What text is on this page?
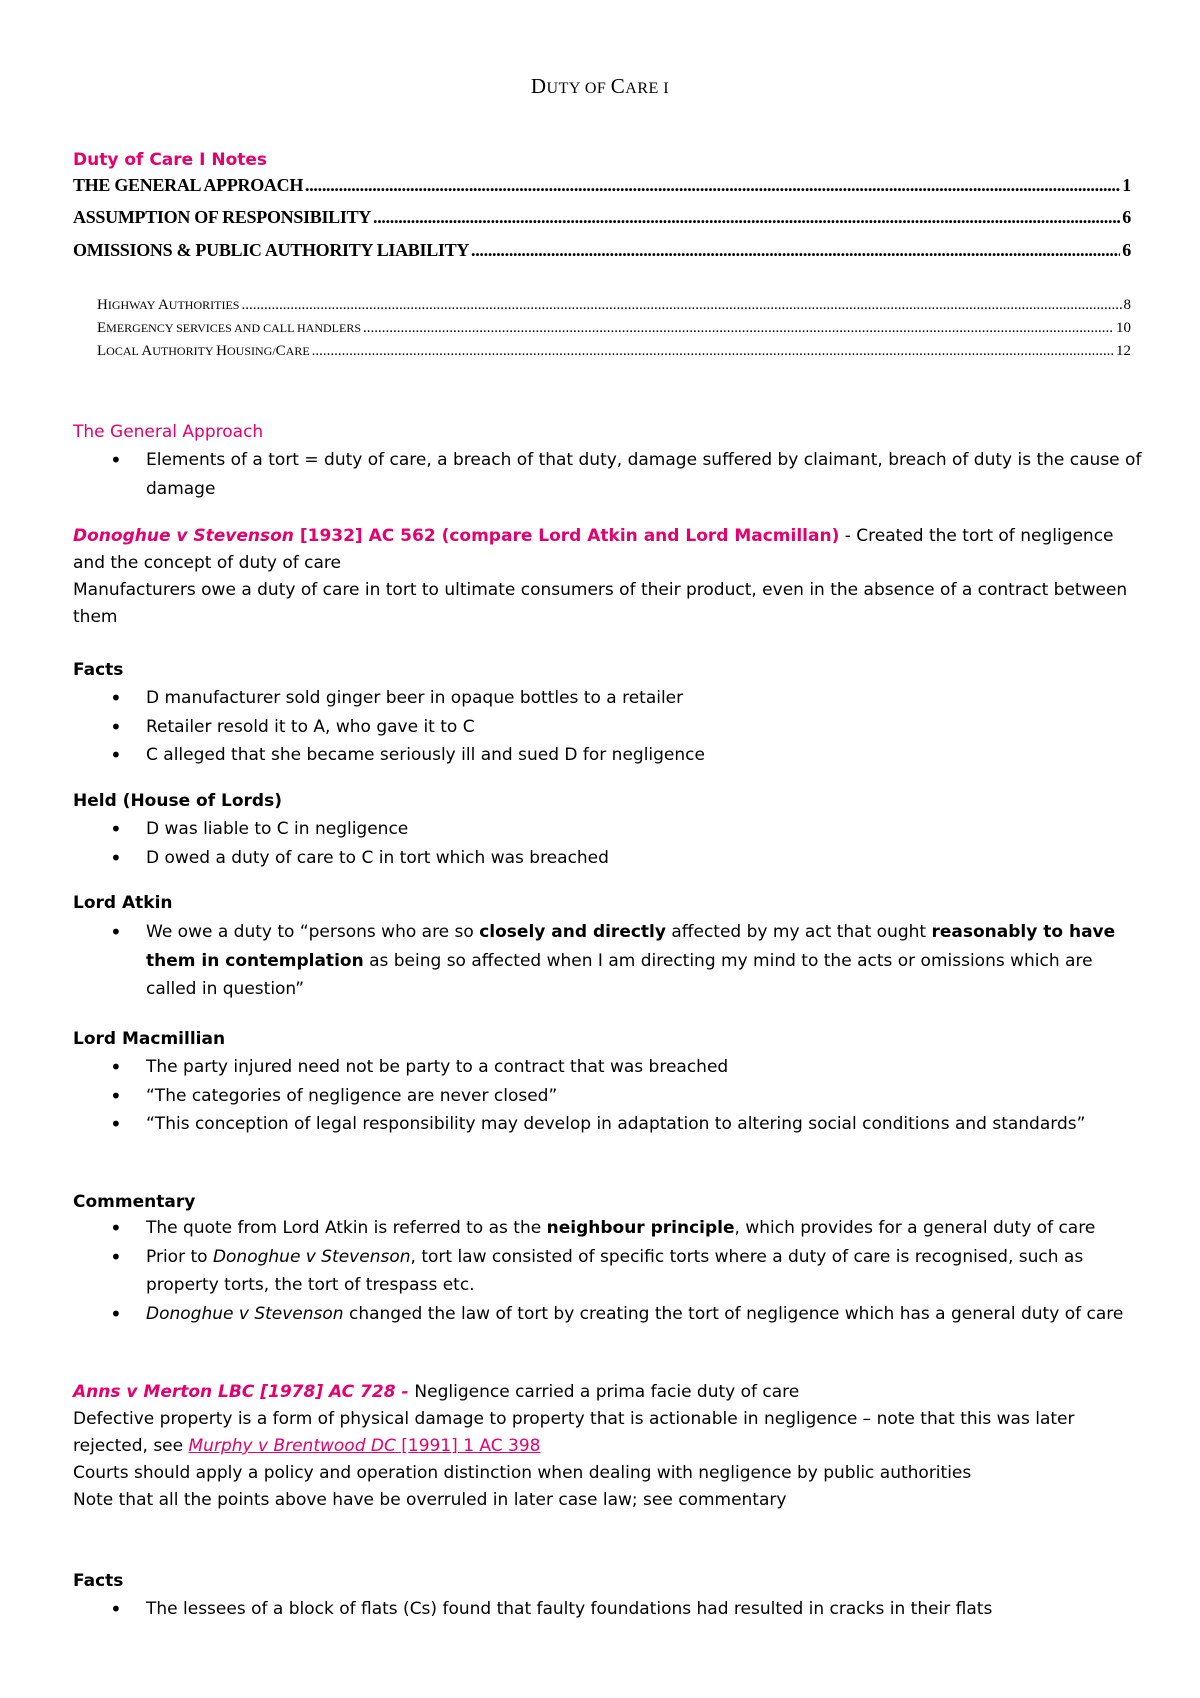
DUTY OF CARE I
Duty of Care I Notes
THE GENERAL APPROACH .....	1
ASSUMPTION OF RESPONSIBILITY .....	6
OMISSIONS & PUBLIC AUTHORITY LIABILITY .....	6
HIGHWAY AUTHORITIES .....	8
EMERGENCY SERVICES AND CALL HANDLERS .....	10
LOCAL AUTHORITY HOUSING/CARE .....	12
The General Approach
• Elements of a tort = duty of care, a breach of that duty, damage suffered by claimant, breach of duty is the cause of damage
Donoghue v Stevenson [1932] AC 562 (compare Lord Atkin and Lord Macmillan) - Created the tort of negligence and the concept of duty of care
Manufacturers owe a duty of care in tort to ultimate consumers of their product, even in the absence of a contract between them
Facts
• D manufacturer sold ginger beer in opaque bottles to a retailer
• Retailer resold it to A, who gave it to C
• C alleged that she became seriously ill and sued D for negligence
Held (House of Lords)
• D was liable to C in negligence
• D owed a duty of care to C in tort which was breached
Lord Atkin
• We owe a duty to “persons who are so closely and directly affected by my act that ought reasonably to have them in contemplation as being so affected when I am directing my mind to the acts or omissions which are called in question”
Lord Macmillian
• The party injured need not be party to a contract that was breached
• “The categories of negligence are never closed”
• “This conception of legal responsibility may develop in adaptation to altering social conditions and standards”
Commentary
• The quote from Lord Atkin is referred to as the neighbour principle, which provides for a general duty of care
• Prior to Donoghue v Stevenson, tort law consisted of specific torts where a duty of care is recognised, such as property torts, the tort of trespass etc.
• Donoghue v Stevenson changed the law of tort by creating the tort of negligence which has a general duty of care
Anns v Merton LBC [1978] AC 728 - Negligence carried a prima facie duty of care
Defective property is a form of physical damage to property that is actionable in negligence – note that this was later rejected, see Murphy v Brentwood DC [1991] 1 AC 398
Courts should apply a policy and operation distinction when dealing with negligence by public authorities
Note that all the points above have be overruled in later case law; see commentary
Facts
• The lessees of a block of flats (Cs) found that faulty foundations had resulted in cracks in their flats
